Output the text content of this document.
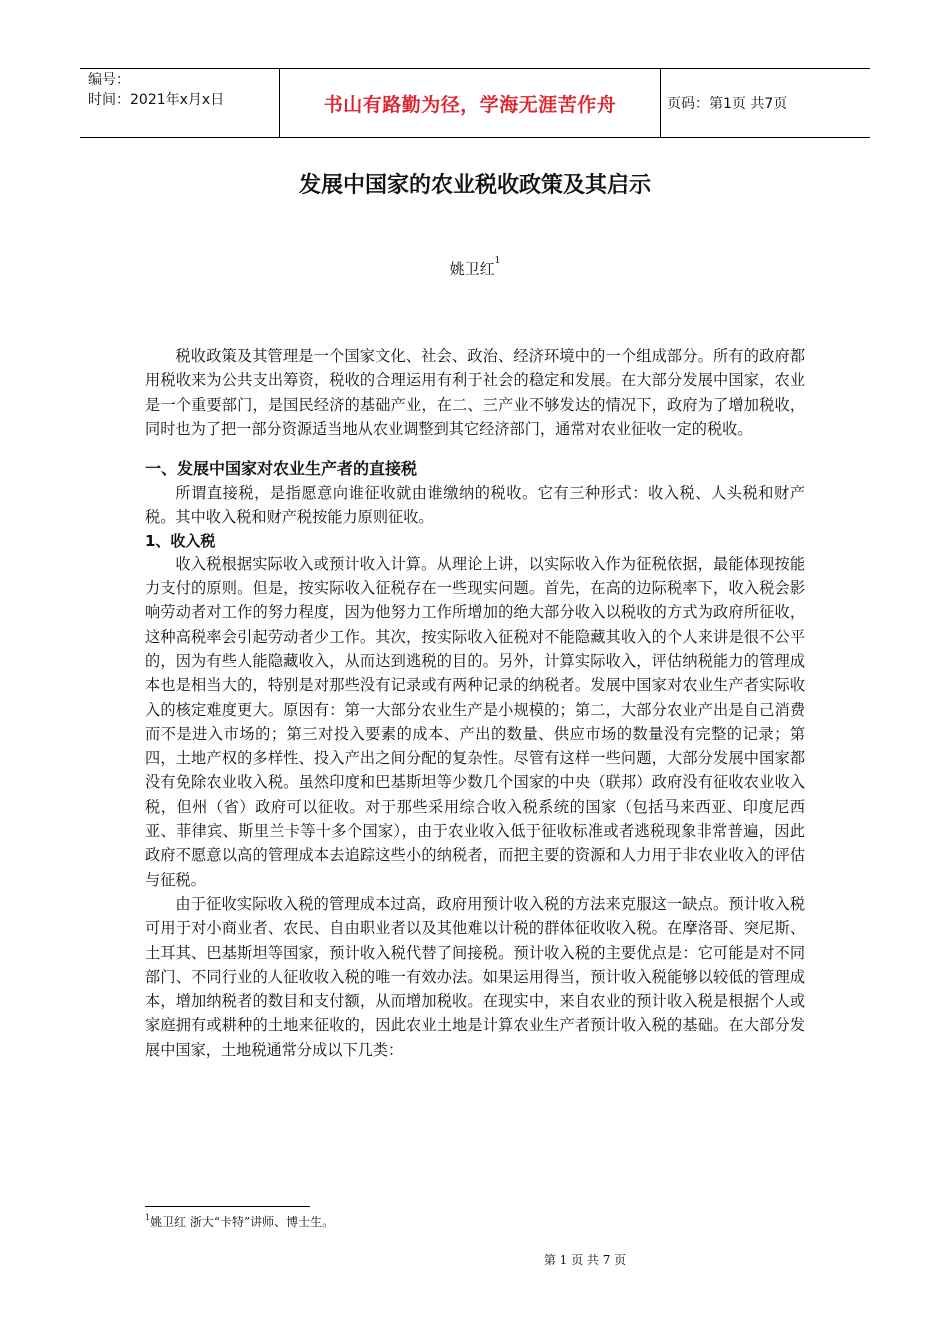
编号：
时间：2021年x月x日	书山有路勤为径，学海无涯苦作舟	页码：第1页 共7页
发展中国家的农业税收政策及其启示
姚卫红$^1$

税收政策及其管理是一个国家文化、社会、政治、经济环境中的一个组成部分。所有的政府都用税收来为公共支出筹资，税收的合理运用有利于社会的稳定和发展。在大部分发展中国家，农业是一个重要部门，是国民经济的基础产业，在二、三产业不够发达的情况下，政府为了增加税收，同时也为了把一部分资源适当地从农业调整到其它经济部门，通常对农业征收一定的税收。

一、发展中国家对农业生产者的直接税

所谓直接税，是指愿意向谁征收就由谁缴纳的税收。它有三种形式：收入税、人头税和财产税。其中收入税和财产税按能力原则征收。

1、收入税

收入税根据实际收入或预计收入计算。从理论上讲，以实际收入作为征税依据，最能体现按能力支付的原则。但是，按实际收入征税存在一些现实问题。首先，在高的边际税率下，收入税会影响劳动者对工作的努力程度，因为他努力工作所增加的绝大部分收入以税收的方式为政府所征收，这种高税率会引起劳动者少工作。其次，按实际收入征税对不能隐藏其收入的个人来讲是很不公平的，因为有些人能隐藏收入，从而达到逃税的目的。另外，计算实际收入，评估纳税能力的管理成本也是相当大的，特别是对那些没有记录或有两种记录的纳税者。发展中国家对农业生产者实际收入的核定难度更大。原因有：第一大部分农业生产是小规模的；第二，大部分农业产出是自己消费而不是进入市场的；第三对投入要素的成本、产出的数量、供应市场的数量没有完整的记录；第四，土地产权的多样性、投入产出之间分配的复杂性。尽管有这样一些问题，大部分发展中国家都没有免除农业收入税。虽然印度和巴基斯坦等少数几个国家的中央（联邦）政府没有征收农业收入税，但州（省）政府可以征收。对于那些采用综合收入税系统的国家（包括马来西亚、印度尼西亚、菲律宾、斯里兰卡等十多个国家），由于农业收入低于征收标准或者逃税现象非常普遍，因此政府不愿意以高的管理成本去追踪这些小的纳税者，而把主要的资源和人力用于非农业收入的评估与征税。

由于征收实际收入税的管理成本过高，政府用预计收入税的方法来克服这一缺点。预计收入税可用于对小商业者、农民、自由职业者以及其他难以计税的群体征收收入税。在摩洛哥、突尼斯、土耳其、巴基斯坦等国家，预计收入税代替了间接税。预计收入税的主要优点是：它可能是对不同部门、不同行业的人征收收入税的唯一有效办法。如果运用得当，预计收入税能够以较低的管理成本，增加纳税者的数目和支付额，从而增加税收。在现实中，来自农业的预计收入税是根据个人或家庭拥有或耕种的土地来征收的，因此农业土地是计算农业生产者预计收入税的基础。在大部分发展中国家，土地税通常分成以下几类：

$^1$姚卫红 浙大“卡特”讲师、博士生。
第 1 页 共 7 页
